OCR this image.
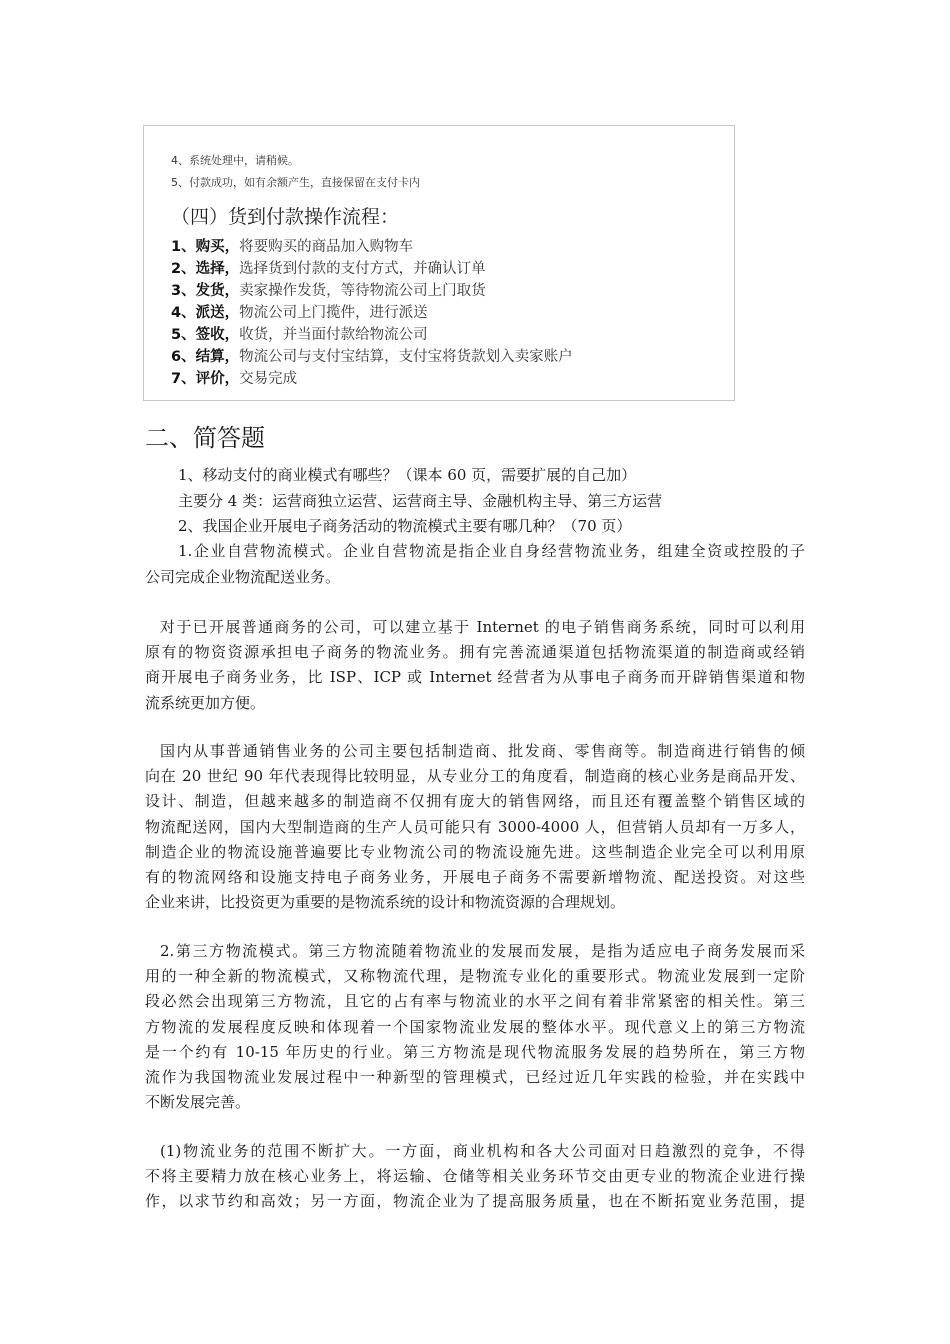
4、系统处理中，请稍候。
5、付款成功，如有余额产生，直接保留在支付卡内
（四）货到付款操作流程：
1、购买，将要购买的商品加入购物车
2、选择，选择货到付款的支付方式，并确认订单
3、发货，卖家操作发货，等待物流公司上门取货
4、派送，物流公司上门揽件，进行派送
5、签收，收货，并当面付款给物流公司
6、结算，物流公司与支付宝结算，支付宝将货款划入卖家账户
7、评价，交易完成
二、简答题
1、移动支付的商业模式有哪些？（课本 60 页，需要扩展的自己加）
主要分 4 类：运营商独立运营、运营商主导、金融机构主导、第三方运营
2、我国企业开展电子商务活动的物流模式主要有哪几种？（70 页）
1.企业自营物流模式。企业自营物流是指企业自身经营物流业务，组建全资或控股的子
公司完成企业物流配送业务。
对于已开展普通商务的公司，可以建立基于 Internet 的电子销售商务系统，同时可以利用
原有的物资资源承担电子商务的物流业务。拥有完善流通渠道包括物流渠道的制造商或经销
商开展电子商务业务，比 ISP、ICP 或 Internet 经营者为从事电子商务而开辟销售渠道和物
流系统更加方便。
国内从事普通销售业务的公司主要包括制造商、批发商、零售商等。制造商进行销售的倾
向在 20 世纪 90 年代表现得比较明显，从专业分工的角度看，制造商的核心业务是商品开发、
设计、制造，但越来越多的制造商不仅拥有庞大的销售网络，而且还有覆盖整个销售区域的
物流配送网，国内大型制造商的生产人员可能只有 3000-4000 人，但营销人员却有一万多人，
制造企业的物流设施普遍要比专业物流公司的物流设施先进。这些制造企业完全可以利用原
有的物流网络和设施支持电子商务业务，开展电子商务不需要新增物流、配送投资。对这些
企业来讲，比投资更为重要的是物流系统的设计和物流资源的合理规划。
2.第三方物流模式。第三方物流随着物流业的发展而发展，是指为适应电子商务发展而采
用的一种全新的物流模式，又称物流代理，是物流专业化的重要形式。物流业发展到一定阶
段必然会出现第三方物流，且它的占有率与物流业的水平之间有着非常紧密的相关性。第三
方物流的发展程度反映和体现着一个国家物流业发展的整体水平。现代意义上的第三方物流
是一个约有 10-15 年历史的行业。第三方物流是现代物流服务发展的趋势所在，第三方物
流作为我国物流业发展过程中一种新型的管理模式，已经过近几年实践的检验，并在实践中
不断发展完善。
(1)物流业务的范围不断扩大。一方面，商业机构和各大公司面对日趋激烈的竞争，不得
不将主要精力放在核心业务上，将运输、仓储等相关业务环节交由更专业的物流企业进行操
作，以求节约和高效；另一方面，物流企业为了提高服务质量，也在不断拓宽业务范围，提
